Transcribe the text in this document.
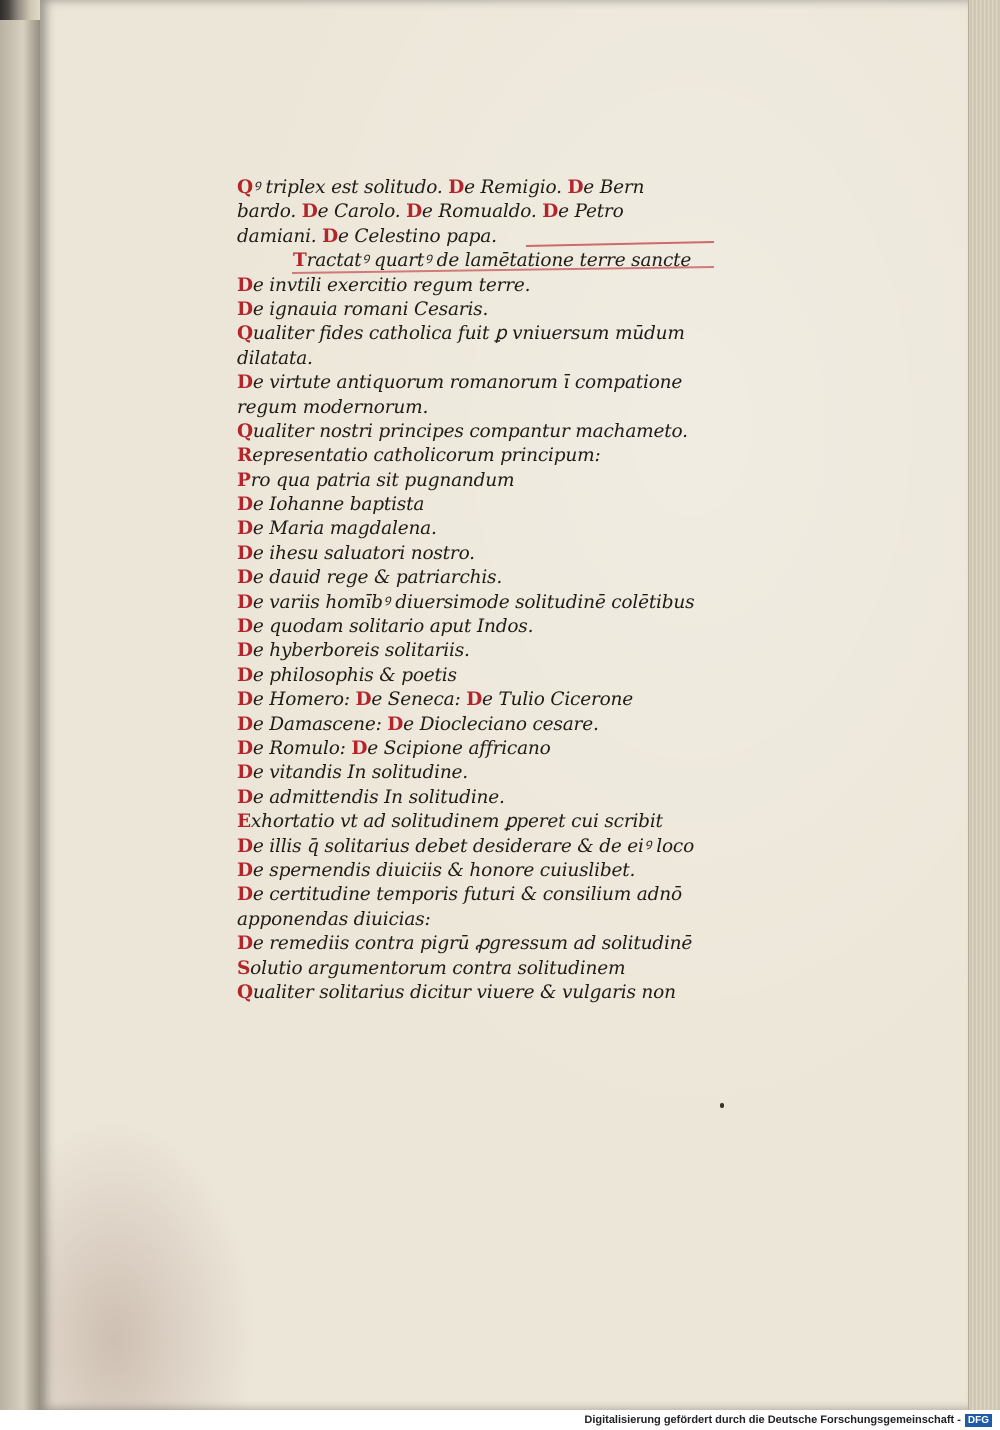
Qꝰ triplex est solitudo. De Remigio. De Bern
bardo. De Carolo. De Romualdo. De Petro
damiani. De Celestino papa.
Tractatꝰ quartꝰ de lamētatione terre sancte
De invtili exercitio regum terre.
De ignauia romani Cesaris.
Qualiter fides catholica fuit ꝑ vniuersum mūdum
dilatata.
De virtute antiquorum romanorum ī compatione
regum modernorum.
Qualiter nostri principes compantur machameto.
Representatio catholicorum principum:
Pro qua patria sit pugnandum
De Iohanne baptista
De Maria magdalena.
De ihesu saluatori nostro.
De dauid rege & patriarchis.
De variis homībꝰ diuersimode solitudinē colētibus
De quodam solitario aput Indos.
De hyberboreis solitariis.
De philosophis & poetis
De Homero: De Seneca: De Tulio Cicerone
De Damascene: De Diocleciano cesare.
De Romulo: De Scipione affricano
De vitandis In solitudine.
De admittendis In solitudine.
Exhortatio vt ad solitudinem ꝑperet cui scribit
De illis q̄ solitarius debet desiderare & de eiꝰ loco
De spernendis diuiciis & honore cuiuslibet.
De certitudine temporis futuri & consilium adnō
apponendas diuicias:
De remediis contra pigrū ꝓgressum ad solitudinē
Solutio argumentorum contra solitudinem
Qualiter solitarius dicitur viuere & vulgaris non
Digitalisierung gefördert durch die Deutsche Forschungsgemeinschaft - DFG
